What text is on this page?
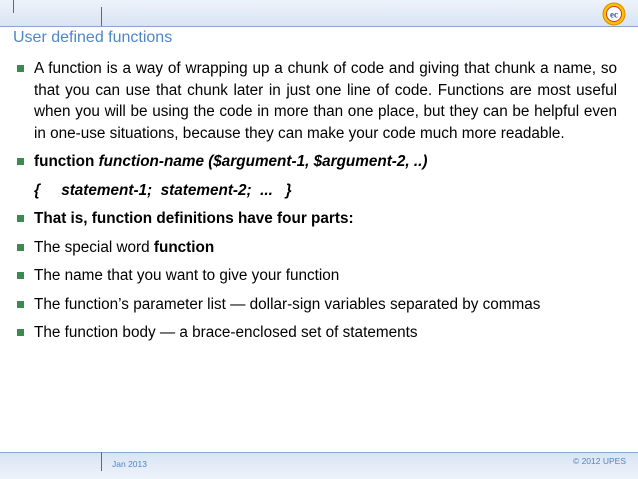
ec
User defined functions
A function is a way of wrapping up a chunk of code and giving that chunk a name, so that you can use that chunk later in just one line of code. Functions are most useful when you will be using the code in more than one place, but they can be helpful even in one-use situations, because they can make your code much more readable.
function function-name ($argument-1, $argument-2, ..)
{     statement-1;  statement-2;  ...   }
That is, function definitions have four parts:
The special word function
The name that you want to give your function
The function’s parameter list — dollar-sign variables separated by commas
The function body — a brace-enclosed set of statements
Jan 2013	© 2012 UPES
